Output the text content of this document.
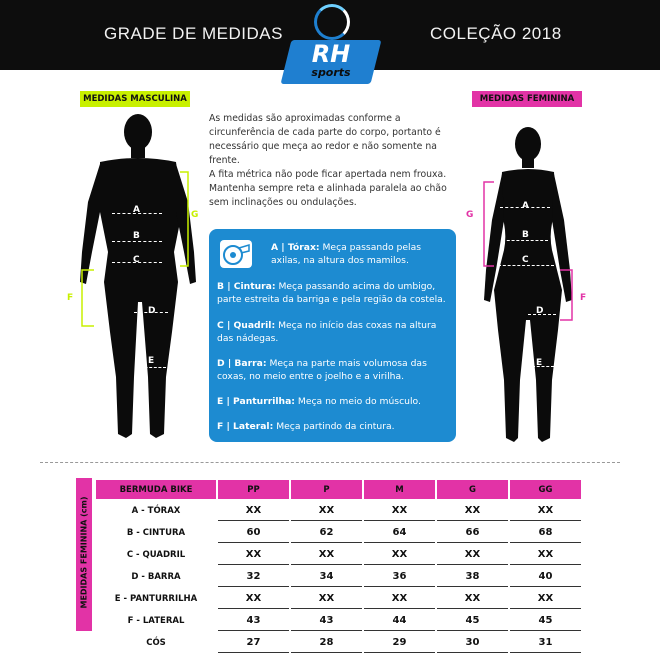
GRADE DE MEDIDAS	COLEÇÃO 2018
RH
sports
MEDIDAS MASCULINA	MEDIDAS FEMININA
A
B
C
D
E
G
F
As medidas são aproximadas conforme a circunferência de cada parte do corpo, portanto é necessário que meça ao redor e não somente na frente.
A fita métrica não pode ficar apertada nem frouxa. Mantenha sempre reta e alinhada paralela ao chão sem inclinações ou ondulações.
A | Tórax: Meça passando pelas axilas, na altura dos mamilos.
B | Cintura: Meça passando acima do umbigo, parte estreita da barriga e pela região da costela.
C | Quadril: Meça no início das coxas na altura das nádegas.
D | Barra: Meça na parte mais volumosa das coxas, no meio entre o joelho e a virilha.
E | Panturrilha: Meça no meio do músculo.
F | Lateral: Meça partindo da cintura.
A
B
C
D
E
G
F
MEDIDAS FEMININA (cm)
BERMUDA BIKE	PP	P	M	G	GG
A - TÓRAX	XX	XX	XX	XX	XX
B - CINTURA	60	62	64	66	68
C - QUADRIL	XX	XX	XX	XX	XX
D - BARRA	32	34	36	38	40
E - PANTURRILHA	XX	XX	XX	XX	XX
F - LATERAL	43	43	44	45	45
CÓS	27	28	29	30	31
